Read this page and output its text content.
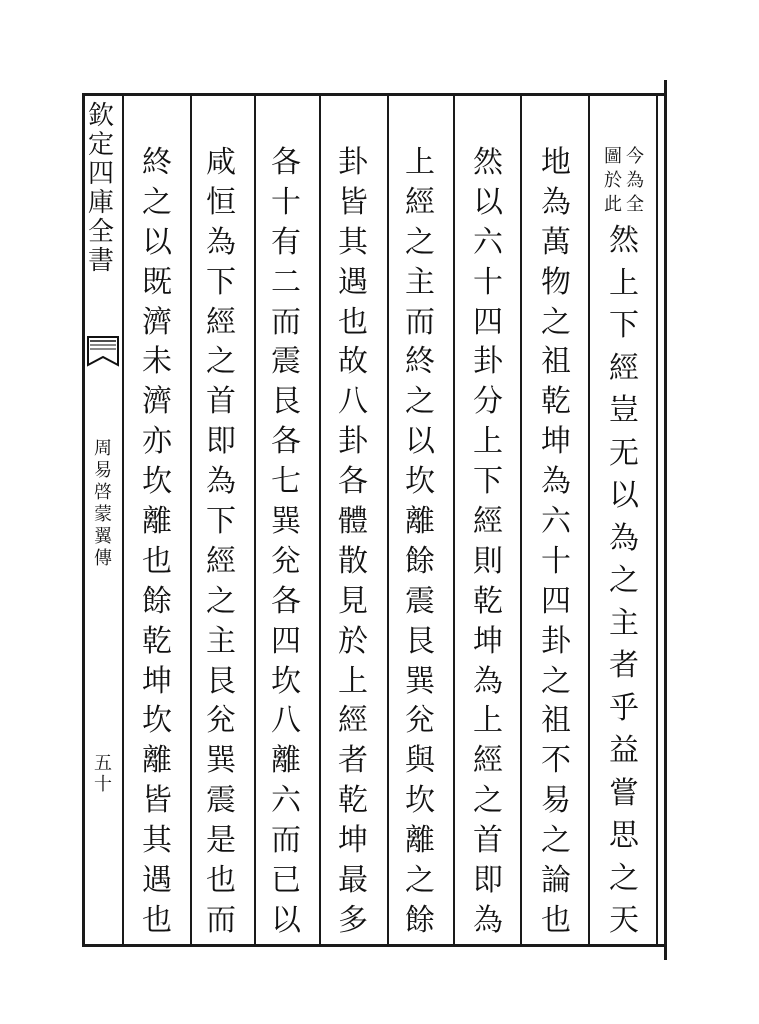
欽
定
四
庫
全
書
周
易
啓
蒙
翼
傳
五
十
今
為
全
圖
於
此
然
上
下
經
豈
无
以
為
之
主
者
乎
益
嘗
思
之
天
地
為
萬
物
之
祖
乾
坤
為
六
十
四
卦
之
祖
不
易
之
論
也
然
以
六
十
四
卦
分
上
下
經
則
乾
坤
為
上
經
之
首
即
為
上
經
之
主
而
終
之
以
坎
離
餘
震
艮
巽
兊
與
坎
離
之
餘
卦
皆
其
遇
也
故
八
卦
各
體
散
見
於
上
經
者
乾
坤
最
多
各
十
有
二
而
震
艮
各
七
巽
兊
各
四
坎
八
離
六
而
已
以
咸
恒
為
下
經
之
首
即
為
下
經
之
主
艮
兊
巽
震
是
也
而
終
之
以
既
濟
未
濟
亦
坎
離
也
餘
乾
坤
坎
離
皆
其
遇
也
